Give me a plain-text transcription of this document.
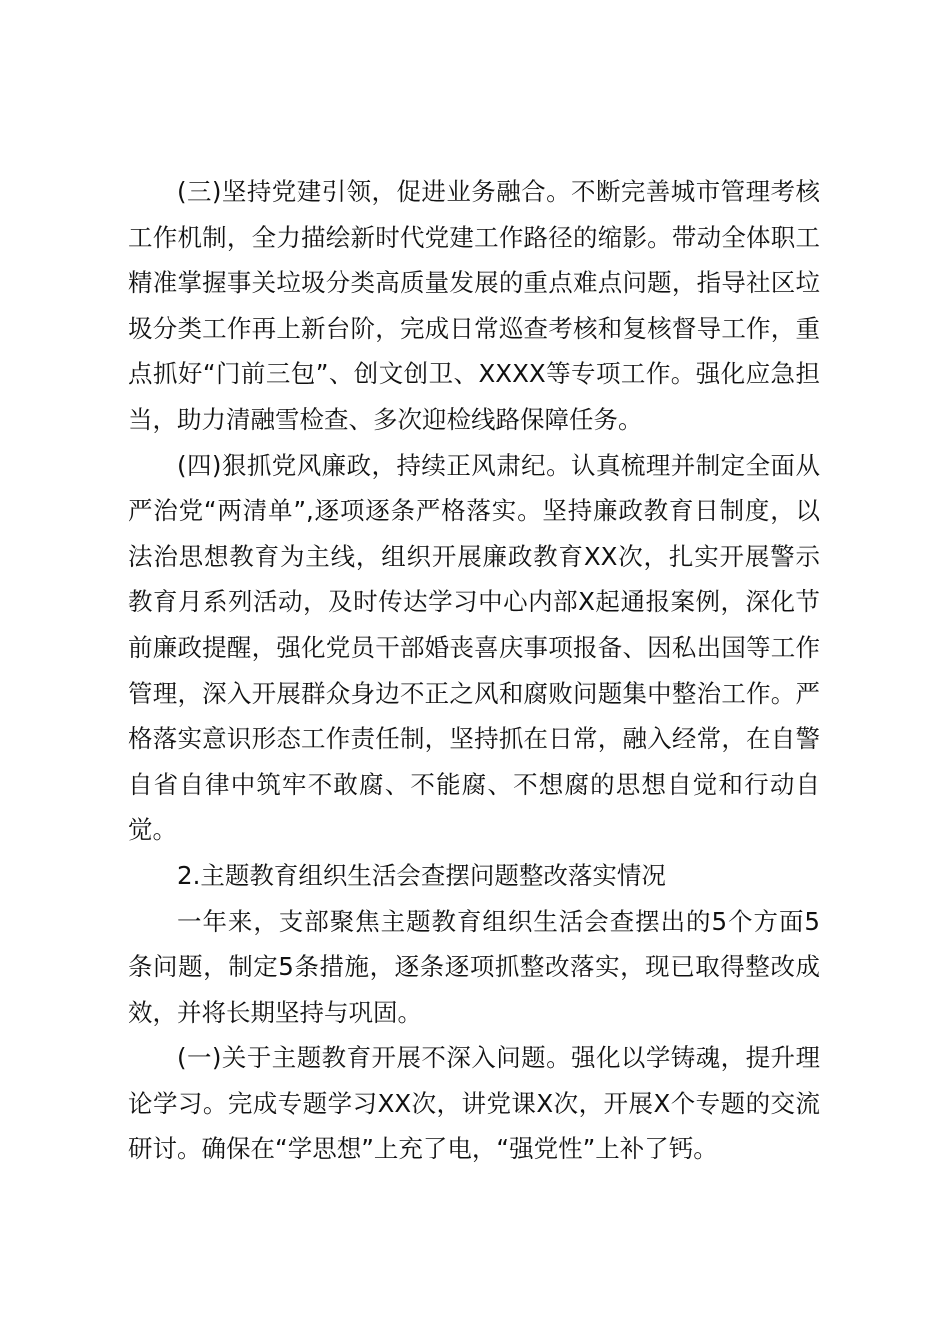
(三)坚持党建引领，促进业务融合。不断完善城市管理考核工作机制，全力描绘新时代党建工作路径的缩影。带动全体职工精准掌握事关垃圾分类高质量发展的重点难点问题，指导社区垃圾分类工作再上新台阶，完成日常巡查考核和复核督导工作，重点抓好“门前三包”、创文创卫、XXXX等专项工作。强化应急担当，助力清融雪检查、多次迎检线路保障任务。

(四)狠抓党风廉政，持续正风肃纪。认真梳理并制定全面从严治党“两清单”,逐项逐条严格落实。坚持廉政教育日制度，以法治思想教育为主线，组织开展廉政教育XX次，扎实开展警示教育月系列活动，及时传达学习中心内部X起通报案例，深化节前廉政提醒，强化党员干部婚丧喜庆事项报备、因私出国等工作管理，深入开展群众身边不正之风和腐败问题集中整治工作。严格落实意识形态工作责任制，坚持抓在日常，融入经常，在自警自省自律中筑牢不敢腐、不能腐、不想腐的思想自觉和行动自觉。

2.主题教育组织生活会查摆问题整改落实情况

一年来，支部聚焦主题教育组织生活会查摆出的5个方面5条问题，制定5条措施，逐条逐项抓整改落实，现已取得整改成效，并将长期坚持与巩固。

(一)关于主题教育开展不深入问题。强化以学铸魂，提升理论学习。完成专题学习XX次，讲党课X次，开展X个专题的交流研讨。确保在“学思想”上充了电，“强党性”上补了钙。
